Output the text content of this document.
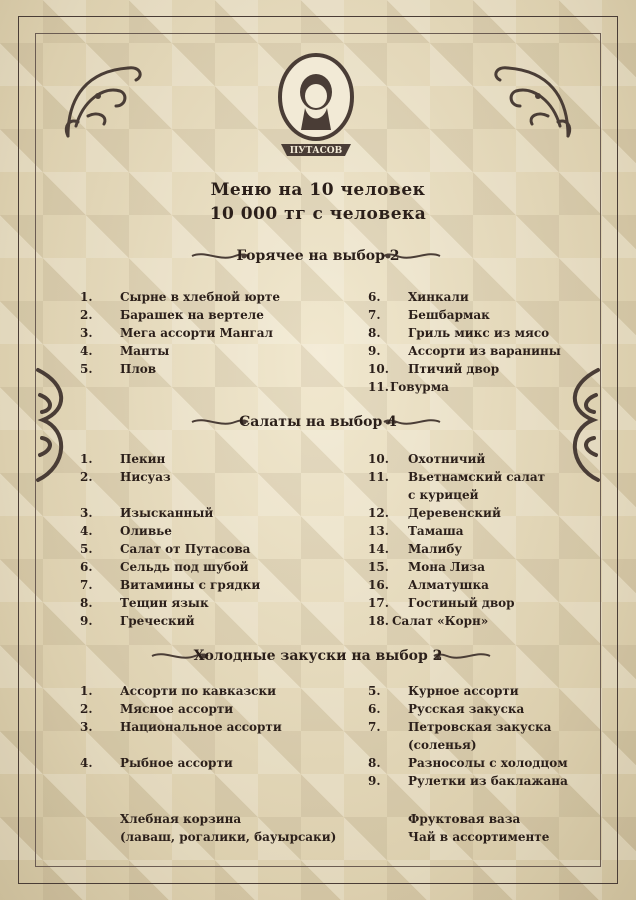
ПУТАСОВ
Меню на 10 человек
10 000 тг с человека
Горячее на выбор 2
Салаты на выбор 4
Холодные закуски на выбор 2
1. Сырне в хлебной юрте
2. Барашек на вертеле
3. Мега ассорти Мангал
4. Манты
5. Плов
6. Хинкали
7. Бешбармак
8. Гриль микс из мясо
9. Ассорти из варанины
10. Птичий двор
11. Говурма
1. Пекин
2. Нисуаз
3. Изысканный
4. Оливье
5. Салат от Путасова
6. Сельдь под шубой
7. Витамины с грядки
8. Тещин язык
9. Греческий
10. Охотничий
11. Вьетнамский салат
с курицей
12. Деревенский
13. Тамаша
14. Малибу
15. Мона Лиза
16. Алматушка
17. Гостиный двор
18. Салат «Корн»
1. Ассорти по кавказски
2. Мясное ассорти
3. Национальное ассорти
4. Рыбное ассорти
5. Курное ассорти
6. Русская закуска
7. Петровская закуска
(соленья)
8. Разносолы с холодцом
9. Рулетки из баклажана
Хлебная корзина
(лаваш, рогалики, бауырсаки)
Фруктовая ваза
Чай в ассортименте
